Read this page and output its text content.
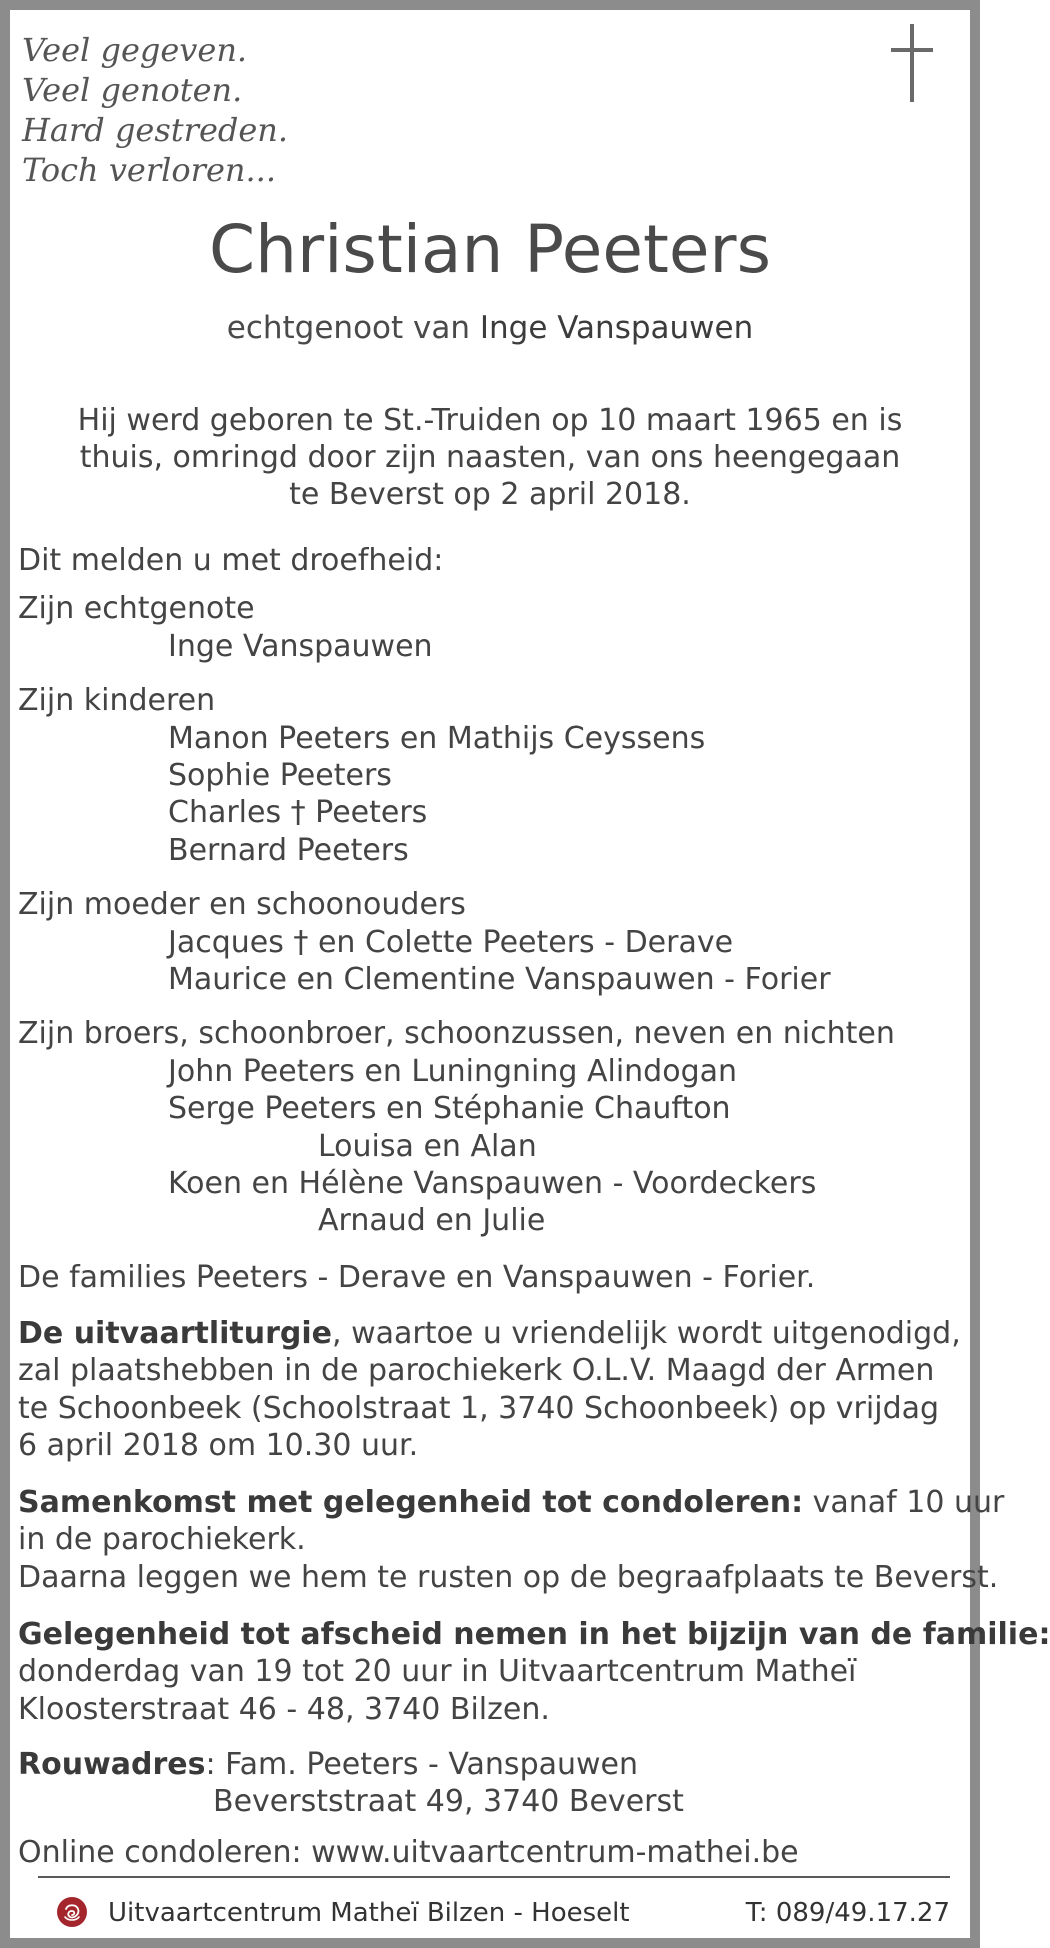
Veel gegeven.
Veel genoten.
Hard gestreden.
Toch verloren...
Christian Peeters
echtgenoot van Inge Vanspauwen
Hij werd geboren te St.-Truiden op 10 maart 1965 en is
thuis, omringd door zijn naasten, van ons heengegaan
te Beverst op 2 april 2018.
Dit melden u met droefheid:
Zijn echtgenote
Inge Vanspauwen
Zijn kinderen
Manon Peeters en Mathijs Ceyssens
Sophie Peeters
Charles † Peeters
Bernard Peeters
Zijn moeder en schoonouders
Jacques † en Colette Peeters - Derave
Maurice en Clementine Vanspauwen - Forier
Zijn broers, schoonbroer, schoonzussen, neven en nichten
John Peeters en Luningning Alindogan
Serge Peeters en Stéphanie Chaufton
Louisa en Alan
Koen en Hélène Vanspauwen - Voordeckers
Arnaud en Julie
De families Peeters - Derave en Vanspauwen - Forier.
De uitvaartliturgie, waartoe u vriendelijk wordt uitgenodigd,
zal plaatshebben in de parochiekerk O.L.V. Maagd der Armen
te Schoonbeek (Schoolstraat 1, 3740 Schoonbeek) op vrijdag
6 april 2018 om 10.30 uur.
Samenkomst met gelegenheid tot condoleren: vanaf 10 uur
in de parochiekerk.
Daarna leggen we hem te rusten op de begraafplaats te Beverst.
Gelegenheid tot afscheid nemen in het bijzijn van de familie:
donderdag van 19 tot 20 uur in Uitvaartcentrum Matheï
Kloosterstraat 46 - 48, 3740 Bilzen.
Rouwadres: Fam. Peeters - Vanspauwen
Beverststraat 49, 3740 Beverst
Online condoleren: www.uitvaartcentrum-mathei.be
Uitvaartcentrum Matheï Bilzen - Hoeselt	T: 089/49.17.27
